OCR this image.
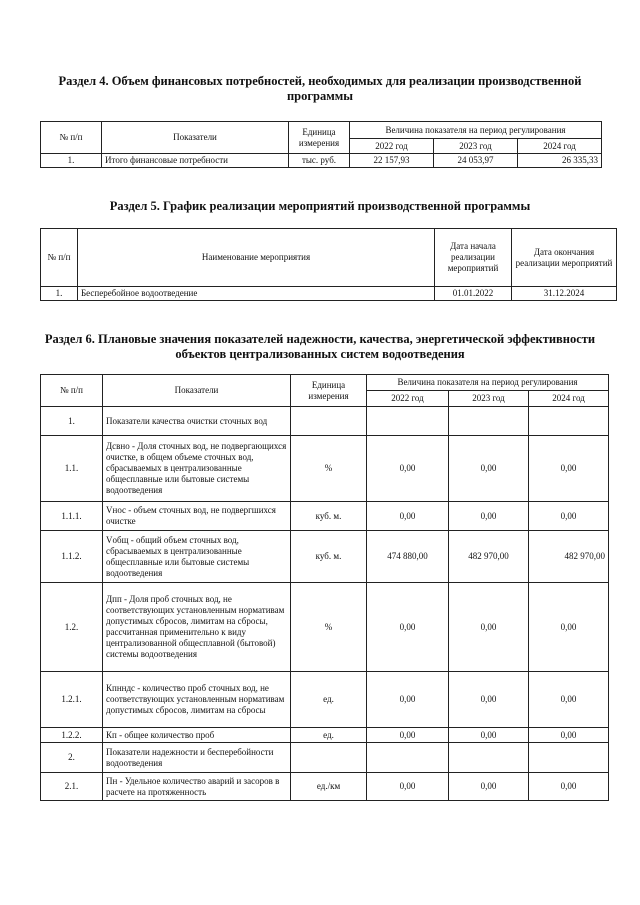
Раздел 4. Объем финансовых потребностей, необходимых для реализации производственной программы
№ п/п	Показатели	Единица измерения	Величина показателя на период регулирования		
			2022 год	2023 год	2024 год
1.	Итого финансовые потребности	тыс. руб.	22 157,93	24 053,97	26 335,33
Раздел 5. График реализации мероприятий производственной программы
№ п/п	Наименование мероприятия	Дата начала реализации мероприятий	Дата окончания реализации мероприятий
1.	Бесперебойное водоотведение	01.01.2022	31.12.2024
Раздел 6. Плановые значения показателей надежности, качества, энергетической эффективности объектов централизованных систем водоотведения
№ п/п	Показатели	Единица измерения	Величина показателя на период регулирования		
			2022 год	2023 год	2024 год
1.	Показатели качества очистки сточных вод				
1.1.	Дсвно - Доля сточных вод, не подвергающихся очистке, в общем объеме сточных вод, сбрасываемых в централизованные общесплавные или бытовые системы водоотведения	%	0,00	0,00	0,00
1.1.1.	Vнос - объем сточных вод, не подвергшихся очистке	куб. м.	0,00	0,00	0,00
1.1.2.	Vобщ - общий объем сточных вод, сбрасываемых в централизованные общесплавные или бытовые системы водоотведения	куб. м.	474 880,00	482 970,00	482 970,00
1.2.	Дпп - Доля проб сточных вод, не соответствующих установленным нормативам допустимых сбросов, лимитам на сбросы, рассчитанная применительно к виду централизованной общесплавной (бытовой) системы водоотведения	%	0,00	0,00	0,00
1.2.1.	Кпнндс - количество проб сточных вод, не соответствующих установленным нормативам допустимых сбросов, лимитам на сбросы	ед.	0,00	0,00	0,00
1.2.2.	Кп - общее количество проб	ед.	0,00	0,00	0,00
2.	Показатели надежности и бесперебойности водоотведения				
2.1.	Пн - Удельное количество аварий и засоров в расчете на протяженность	ед./км	0,00	0,00	0,00
